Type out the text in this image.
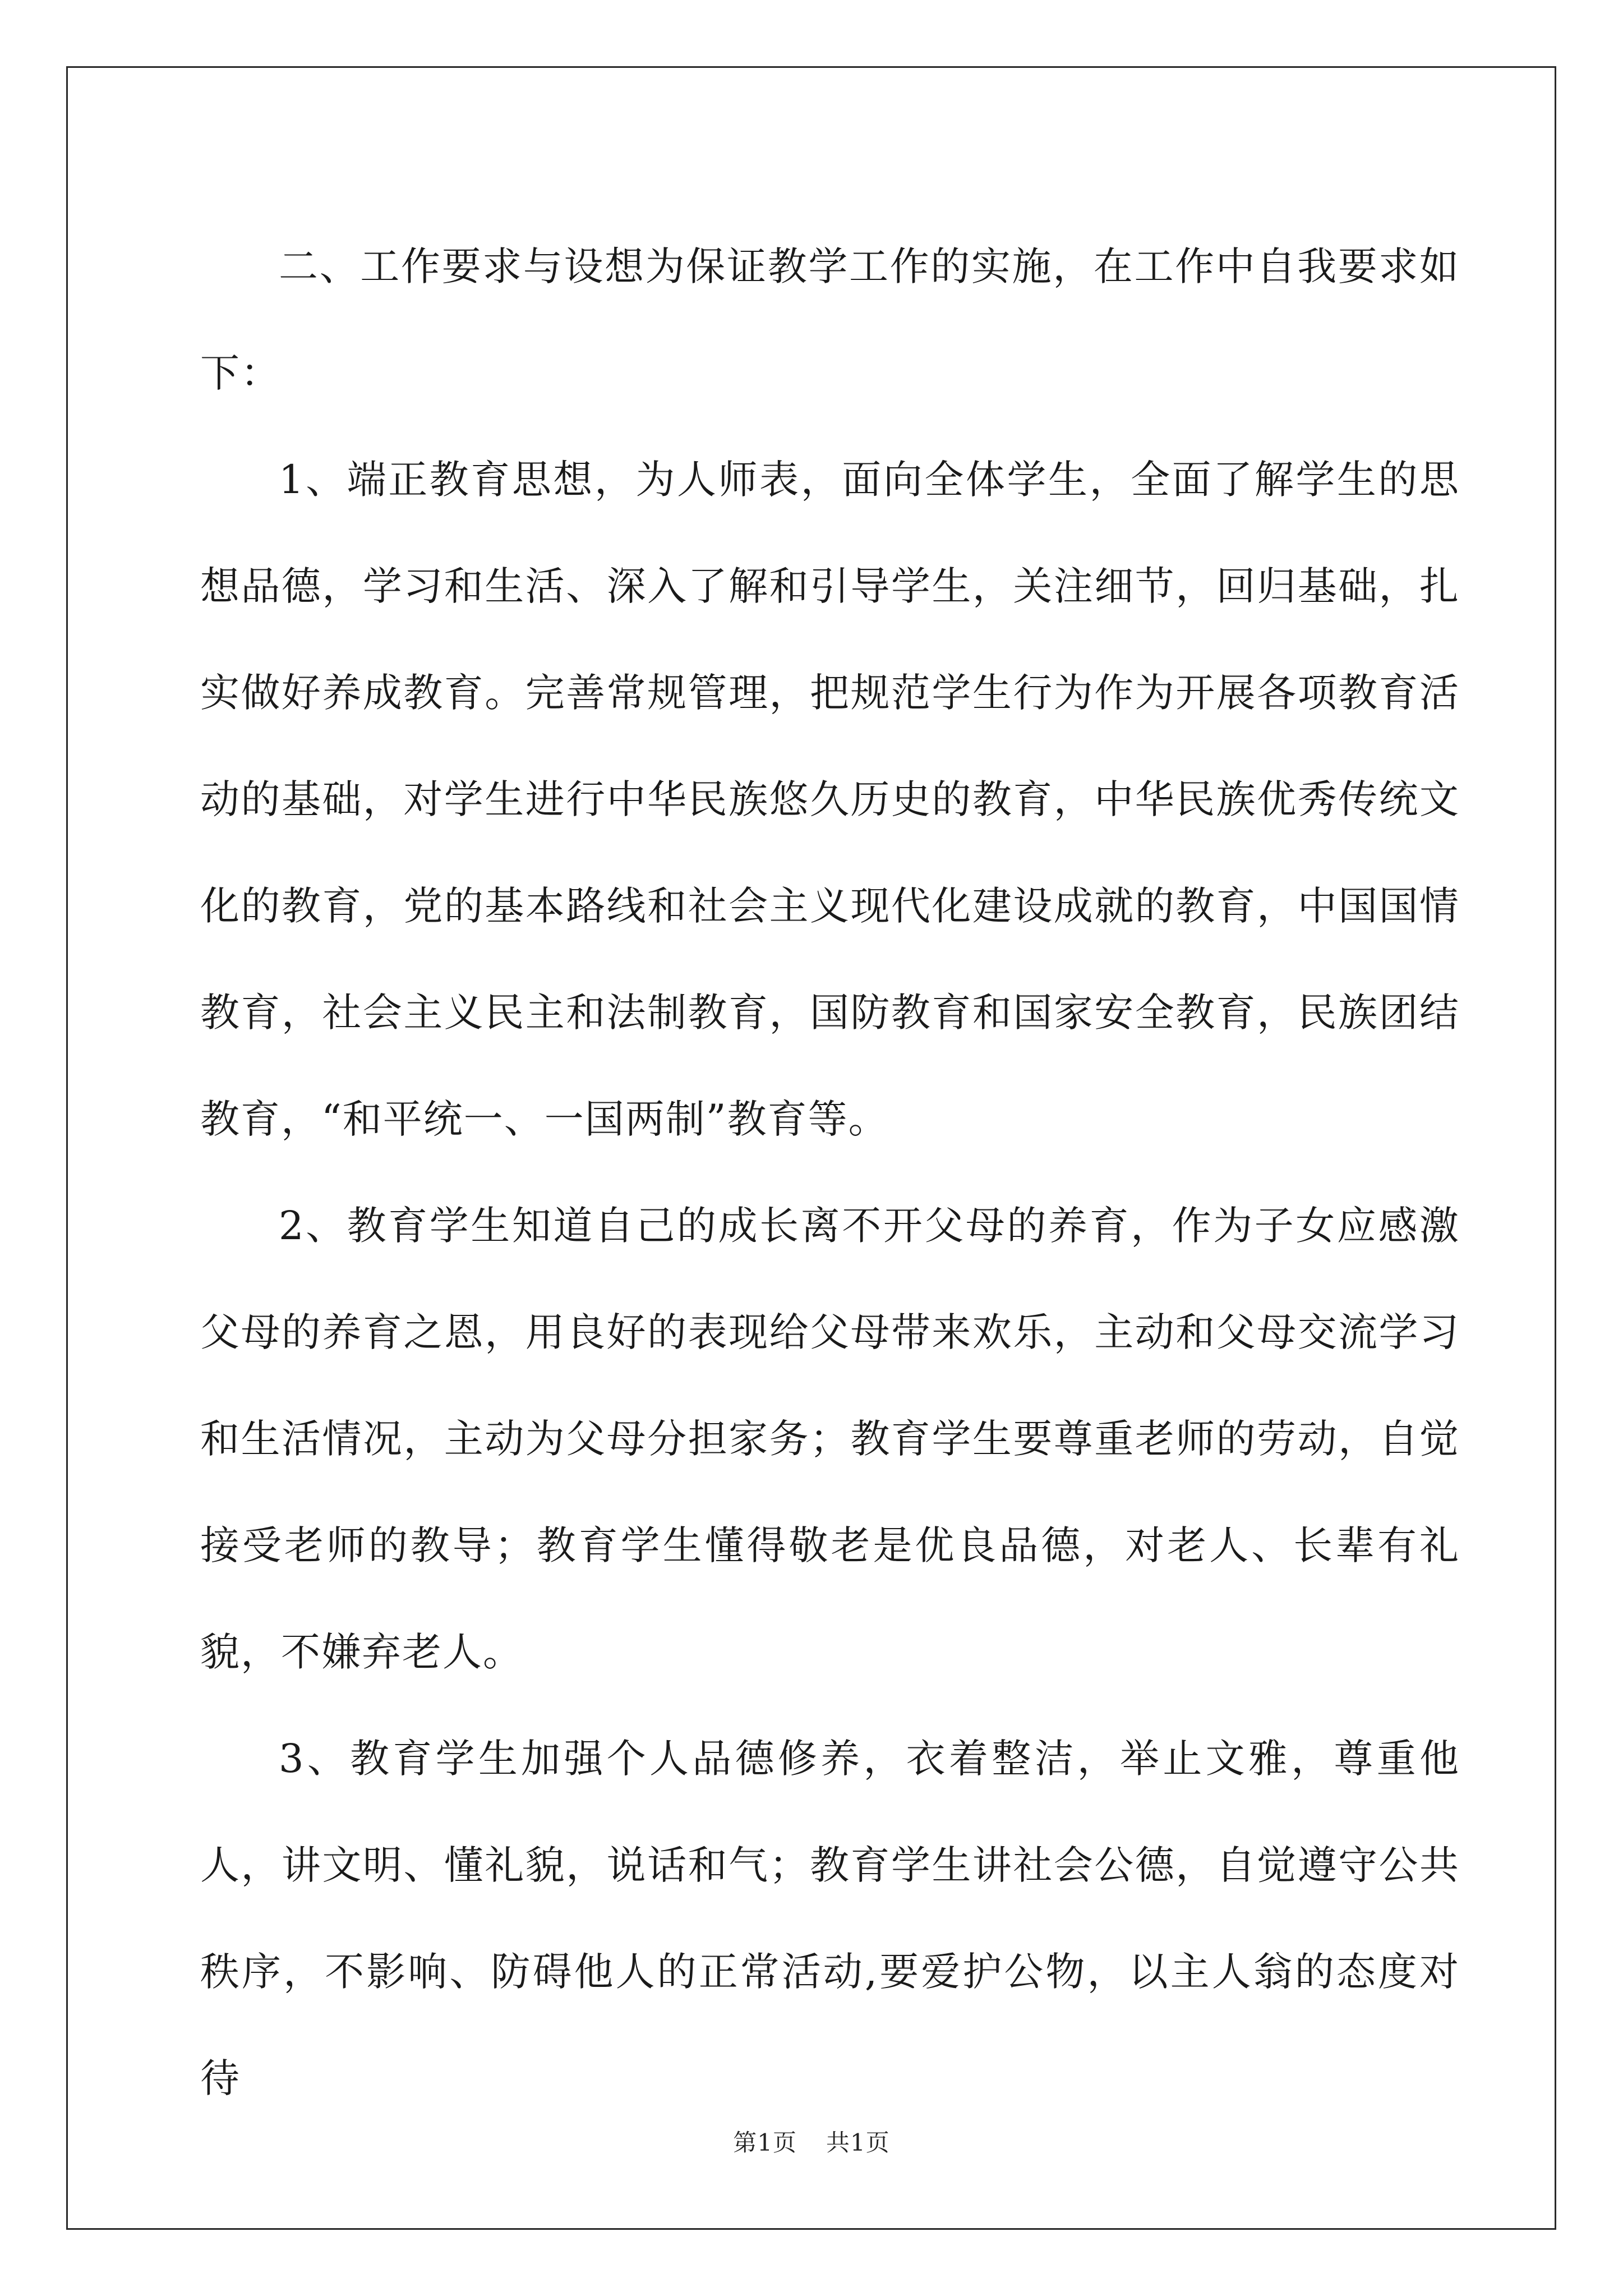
二、工作要求与设想为保证教学工作的实施，在工作中自我要求如下：

1、端正教育思想，为人师表，面向全体学生，全面了解学生的思想品德，学习和生活、深入了解和引导学生，关注细节，回归基础，扎实做好养成教育。完善常规管理，把规范学生行为作为开展各项教育活动的基础，对学生进行中华民族悠久历史的教育，中华民族优秀传统文化的教育，党的基本路线和社会主义现代化建设成就的教育，中国国情教育，社会主义民主和法制教育，国防教育和国家安全教育，民族团结教育，“和平统一、一国两制”教育等。

2、教育学生知道自己的成长离不开父母的养育，作为子女应感激父母的养育之恩，用良好的表现给父母带来欢乐，主动和父母交流学习和生活情况，主动为父母分担家务；教育学生要尊重老师的劳动，自觉接受老师的教导；教育学生懂得敬老是优良品德，对老人、长辈有礼貌，不嫌弃老人。

3、教育学生加强个人品德修养，衣着整洁，举止文雅，尊重他人，讲文明、懂礼貌，说话和气；教育学生讲社会公德，自觉遵守公共秩序，不影响、防碍他人的正常活动,要爱护公物，以主人翁的态度对待

第1页 共1页
